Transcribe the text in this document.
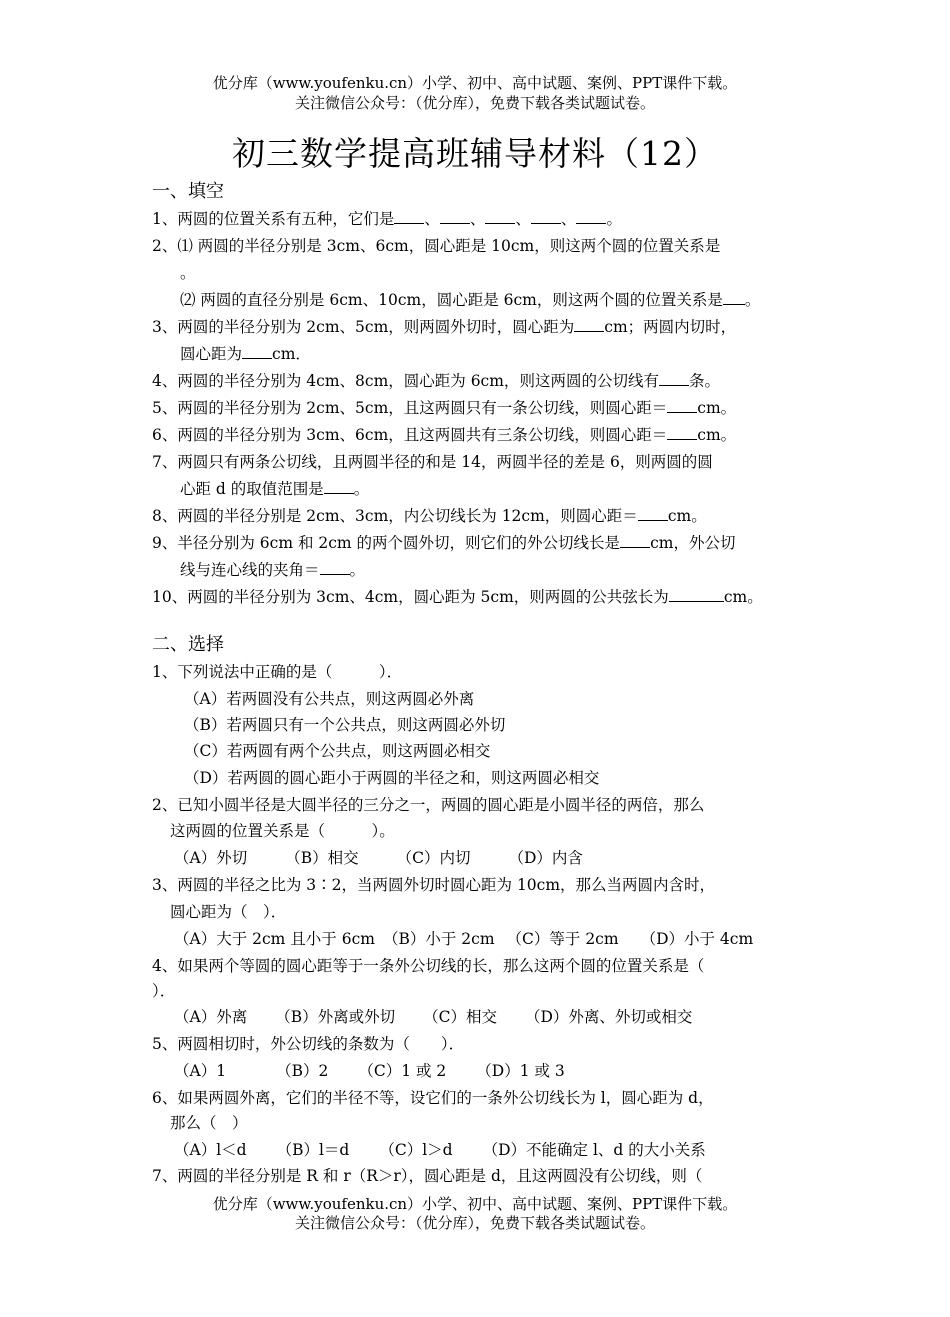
优分库（www.youfenku.cn）小学、初中、高中试题、案例、PPT课件下载。
关注微信公众号：（优分库），免费下载各类试题试卷。
初三数学提高班辅导材料（12）
一、填空
1、两圆的位置关系有五种，它们是 、 、 、 、 。
2、⑴ 两圆的半径分别是 3cm、6cm，圆心距是 10cm，则这两个圆的位置关系是
。
⑵ 两圆的直径分别是 6cm、10cm，圆心距是 6cm，则这两个圆的位置关系是 。
3、两圆的半径分别为 2cm、5cm，则两圆外切时，圆心距为 cm；两圆内切时，
圆心距为 cm．
4、两圆的半径分别为 4cm、8cm，圆心距为 6cm，则这两圆的公切线有 条。
5、两圆的半径分别为 2cm、5cm，且这两圆只有一条公切线，则圆心距＝ cm。
6、两圆的半径分别为 3cm、6cm，且这两圆共有三条公切线，则圆心距＝ cm。
7、两圆只有两条公切线，且两圆半径的和是 14，两圆半径的差是 6，则两圆的圆
心距 d 的取值范围是 。
8、两圆的半径分别是 2cm、3cm，内公切线长为 12cm，则圆心距＝ cm。
9、半径分别为 6cm 和 2cm 的两个圆外切，则它们的外公切线长是 cm，外公切
线与连心线的夹角＝ 。
10、两圆的半径分别为 3cm、4cm，圆心距为 5cm，则两圆的公共弦长为	cm。
二、选择
1、下列说法中正确的是（　　　）．
（A）若两圆没有公共点，则这两圆必外离
（B）若两圆只有一个公共点，则这两圆必外切
（C）若两圆有两个公共点，则这两圆必相交
（D）若两圆的圆心距小于两圆的半径之和，则这两圆必相交
2、已知小圆半径是大圆半径的三分之一，两圆的圆心距是小圆半径的两倍，那么
这两圆的位置关系是（　　　）。
（A）外切 （B）相交 （C）内切 （D）内含
3、两圆的半径之比为 3∶2，当两圆外切时圆心距为 10cm，那么当两圆内含时，
圆心距为（　）．
（A）大于 2cm 且小于 6cm （B）小于 2cm （C）等于 2cm （D）小于 4cm
4、如果两个等圆的圆心距等于一条外公切线的长，那么这两个圆的位置关系是（
）．
（A）外离 （B）外离或外切 （C）相交 （D）外离、外切或相交
5、两圆相切时，外公切线的条数为（　　）．
（A）1	（B）2 （C）1 或 2 （D）1 或 3
6、如果两圆外离，它们的半径不等，设它们的一条外公切线长为 l，圆心距为 d，
那么（　）
（A）l＜d （B）l＝d （C）l＞d （D）不能确定 l、d 的大小关系
7、两圆的半径分别是 R 和 r（R＞r），圆心距是 d，且这两圆没有公切线，则（
优分库（www.youfenku.cn）小学、初中、高中试题、案例、PPT课件下载。
关注微信公众号：（优分库），免费下载各类试题试卷。
